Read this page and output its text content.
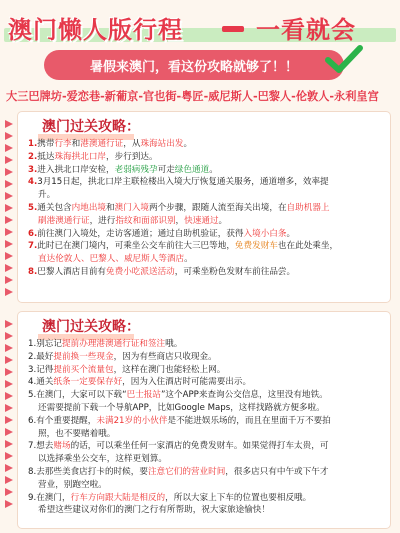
澳门懒人版行程	一看就会
暑假来澳门，看这份攻略就够了！！
大三巴牌坊-爱恋巷-新葡京-官也街-粤匠-威尼斯人-巴黎人-伦敦人-永利皇宫
澳门过关攻略：
1.携带行李和港澳通行证，从珠海站出发。
2.抵达珠海拱北口岸，步行到达。
3.进入拱北口岸安检，老弱病残孕可走绿色通道。
4.3月15日起，拱北口岸主联检楼出入境大厅恢复通关服务，通道增多，效率提
升。
5.通关包含内地出境和澳门入境两个步骤，跟随人流至海关出境，在自助机器上
刷港澳通行证，进行指纹和面部识别，快速通过。
6.前往澳门入境处，走访客通道；通过自助机验证，获得入境小白条。
7.此时已在澳门境内，可乘坐公交车前往大三巴等地，免费发财车也在此处乘坐，
直达伦敦人、巴黎人、威尼斯人等酒店。
8.巴黎人酒店目前有免费小吃派送活动，可乘坐粉色发财车前往品尝。
澳门过关攻略：
1.别忘记提前办理港澳通行证和签注哦。
2.最好提前换一些现金，因为有些商店只收现金。
3.记得提前买个流量包，这样在澳门也能轻松上网。
4.通关纸条一定要保存好，因为入住酒店时可能需要出示。
5.在澳门，大家可以下载“巴士报站”这个APP来查询公交信息，这里没有地铁。
还需要提前下载一个导航APP，比如Google Maps，这样找路就方便多啦。
6.有个重要提醒，未满21岁的小伙伴是不能进娱乐场的，而且在里面千万不要拍
照，也不要赌着哦。
7.想去赌场的话，可以乘坐任何一家酒店的免费发财车。如果觉得打车太贵，可
以选择乘坐公交车，这样更划算。
8.去那些美食店打卡的时候，要注意它们的营业时间，很多店只有中午或下午才
营业，别跑空啦。
9.在澳门，行车方向跟大陆是相反的，所以大家上下车的位置也要相反哦。
希望这些建议对你们的澳门之行有所帮助，祝大家旅途愉快！
